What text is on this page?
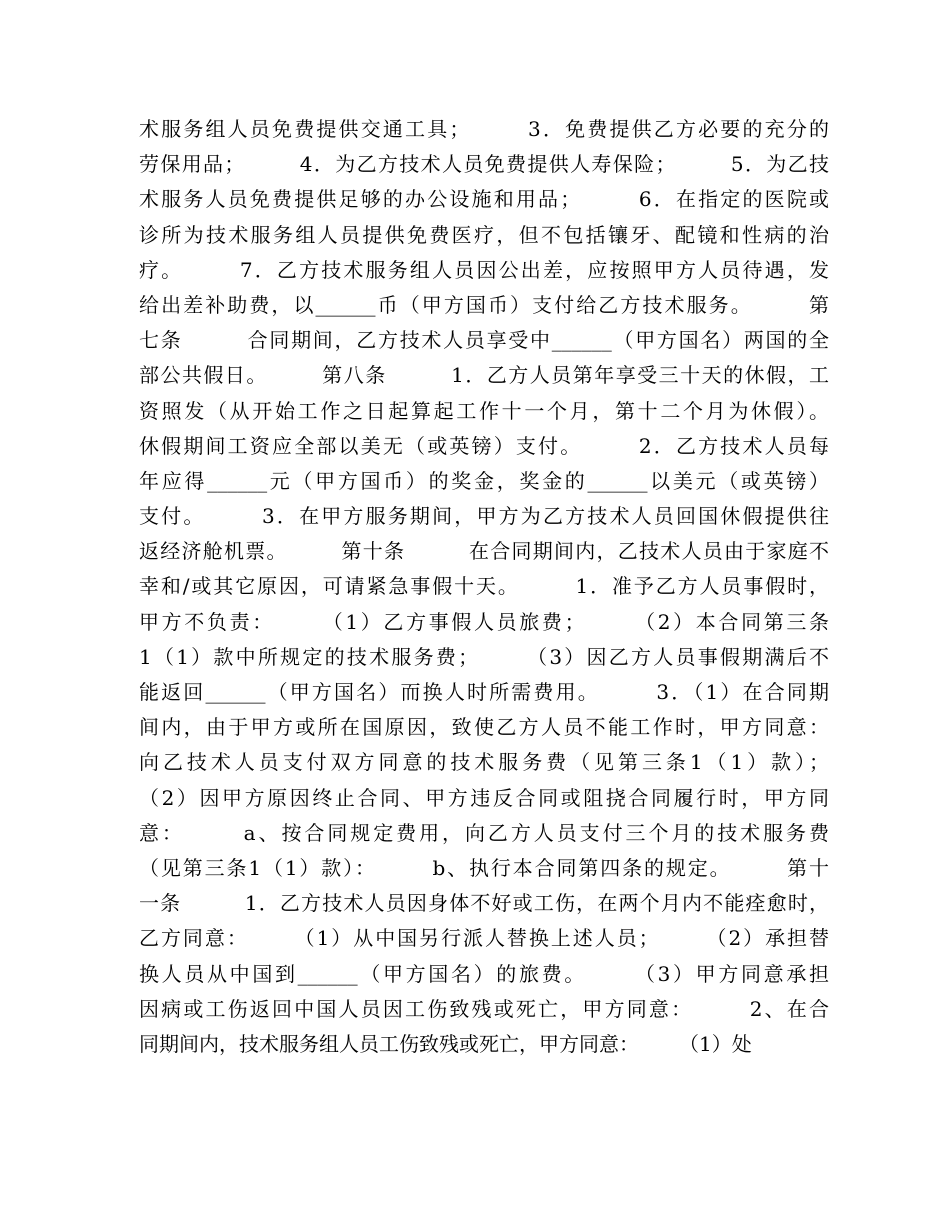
术服务组人员免费提供交通工具；　　　3．免费提供乙方必要的充分的
劳保用品；　　　4．为乙方技术人员免费提供人寿保险；　　　5．为乙技
术服务人员免费提供足够的办公设施和用品；　　　6．在指定的医院或
诊所为技术服务组人员提供免费医疗，但不包括镶牙、配镜和性病的治
疗。　　　7．乙方技术服务组人员因公出差，应按照甲方人员待遇，发
给出差补助费，以______币（甲方国币）支付给乙方技术服务。　　　第
七条　　　合同期间，乙方技术人员享受中______（甲方国名）两国的全
部公共假日。　　　第八条　　　1．乙方人员第年享受三十天的休假，工
资照发（从开始工作之日起算起工作十一个月，第十二个月为休假）。
休假期间工资应全部以美无（或英镑）支付。　　　2．乙方技术人员每
年应得______元（甲方国币）的奖金，奖金的______以美元（或英镑）
支付。　　　3．在甲方服务期间，甲方为乙方技术人员回国休假提供往
返经济舱机票。　　　第十条　　　在合同期间内，乙技术人员由于家庭不
幸和/或其它原因，可请紧急事假十天。　　　1．准予乙方人员事假时，
甲方不负责：　　　（1）乙方事假人员旅费；　　　（2）本合同第三条
1（1）款中所规定的技术服务费；　　　（3）因乙方人员事假期满后不
能返回______（甲方国名）而换人时所需费用。　　　3．（1）在合同期
间内，由于甲方或所在国原因，致使乙方人员不能工作时，甲方同意：
向乙技术人员支付双方同意的技术服务费（见第三条1（1）款）；
（2）因甲方原因终止合同、甲方违反合同或阻挠合同履行时，甲方同
意：　　　a、按合同规定费用，向乙方人员支付三个月的技术服务费
（见第三条1（1）款）：　　　b、执行本合同第四条的规定。　　　第十
一条　　　1．乙方技术人员因身体不好或工伤，在两个月内不能痊愈时，
乙方同意：　　　（1）从中国另行派人替换上述人员；　　　（2）承担替
换人员从中国到______（甲方国名）的旅费。　　　（3）甲方同意承担
因病或工伤返回中国人员因工伤致残或死亡，甲方同意：　　　2、在合
同期间内，技术服务组人员工伤致残或死亡，甲方同意：　　　（1）处
